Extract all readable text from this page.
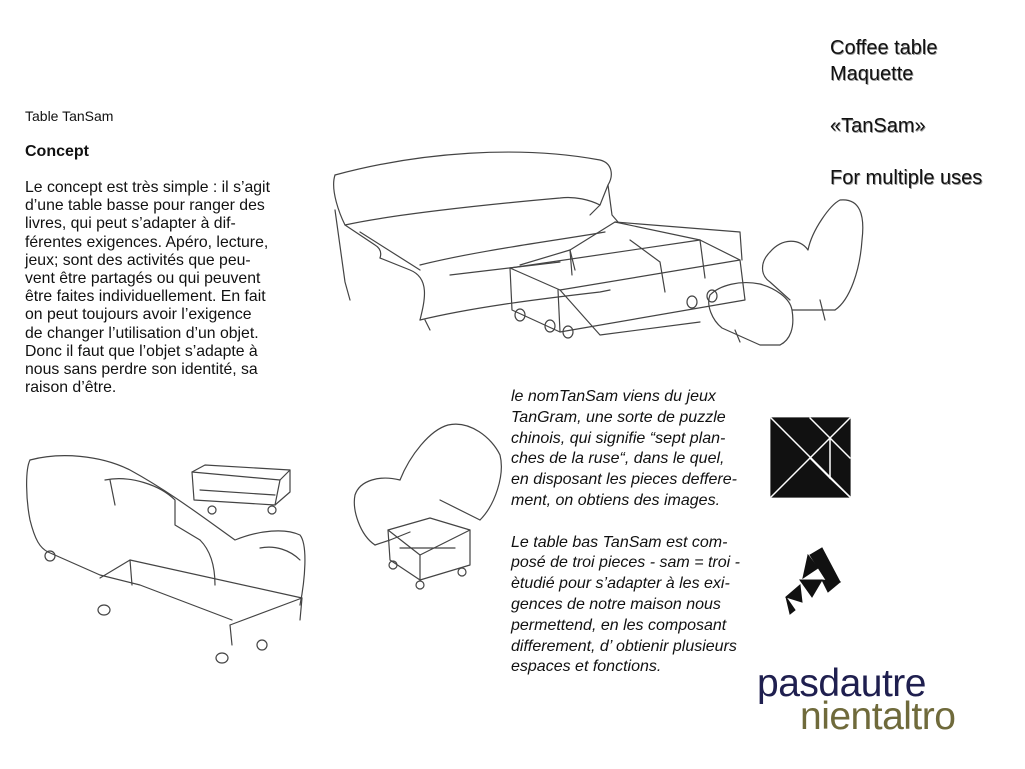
Table TanSam
Concept
Le concept est très simple : il s’agit
d’une table basse pour ranger des
livres, qui peut s’adapter à dif-
férentes exigences. Apéro, lecture,
jeux; sont des activités que peu-
vent être partagés ou qui peuvent
être faites individuellement. En fait
on peut toujours avoir l’exigence
de changer l’utilisation d’un objet.
Donc il faut que l’objet s’adapte à
nous sans perdre son identité, sa
raison d’être.
Coffee table
Maquette
«TanSam»
For multiple uses
le nomTanSam viens du jeux
TanGram, une sorte de puzzle
chinois, qui signifie “sept plan-
ches de la ruse“, dans le quel,
en disposant les pieces deffere-
ment, on obtiens des images.
Le table bas TanSam est com-
posé de troi pieces - sam = troi -
ètudié pour s’adapter à les exi-
gences de notre maison nous
permettend, en les composant
differement, d’ obtienir plusieurs
espaces et fonctions.	pasdautre
nientaltro
